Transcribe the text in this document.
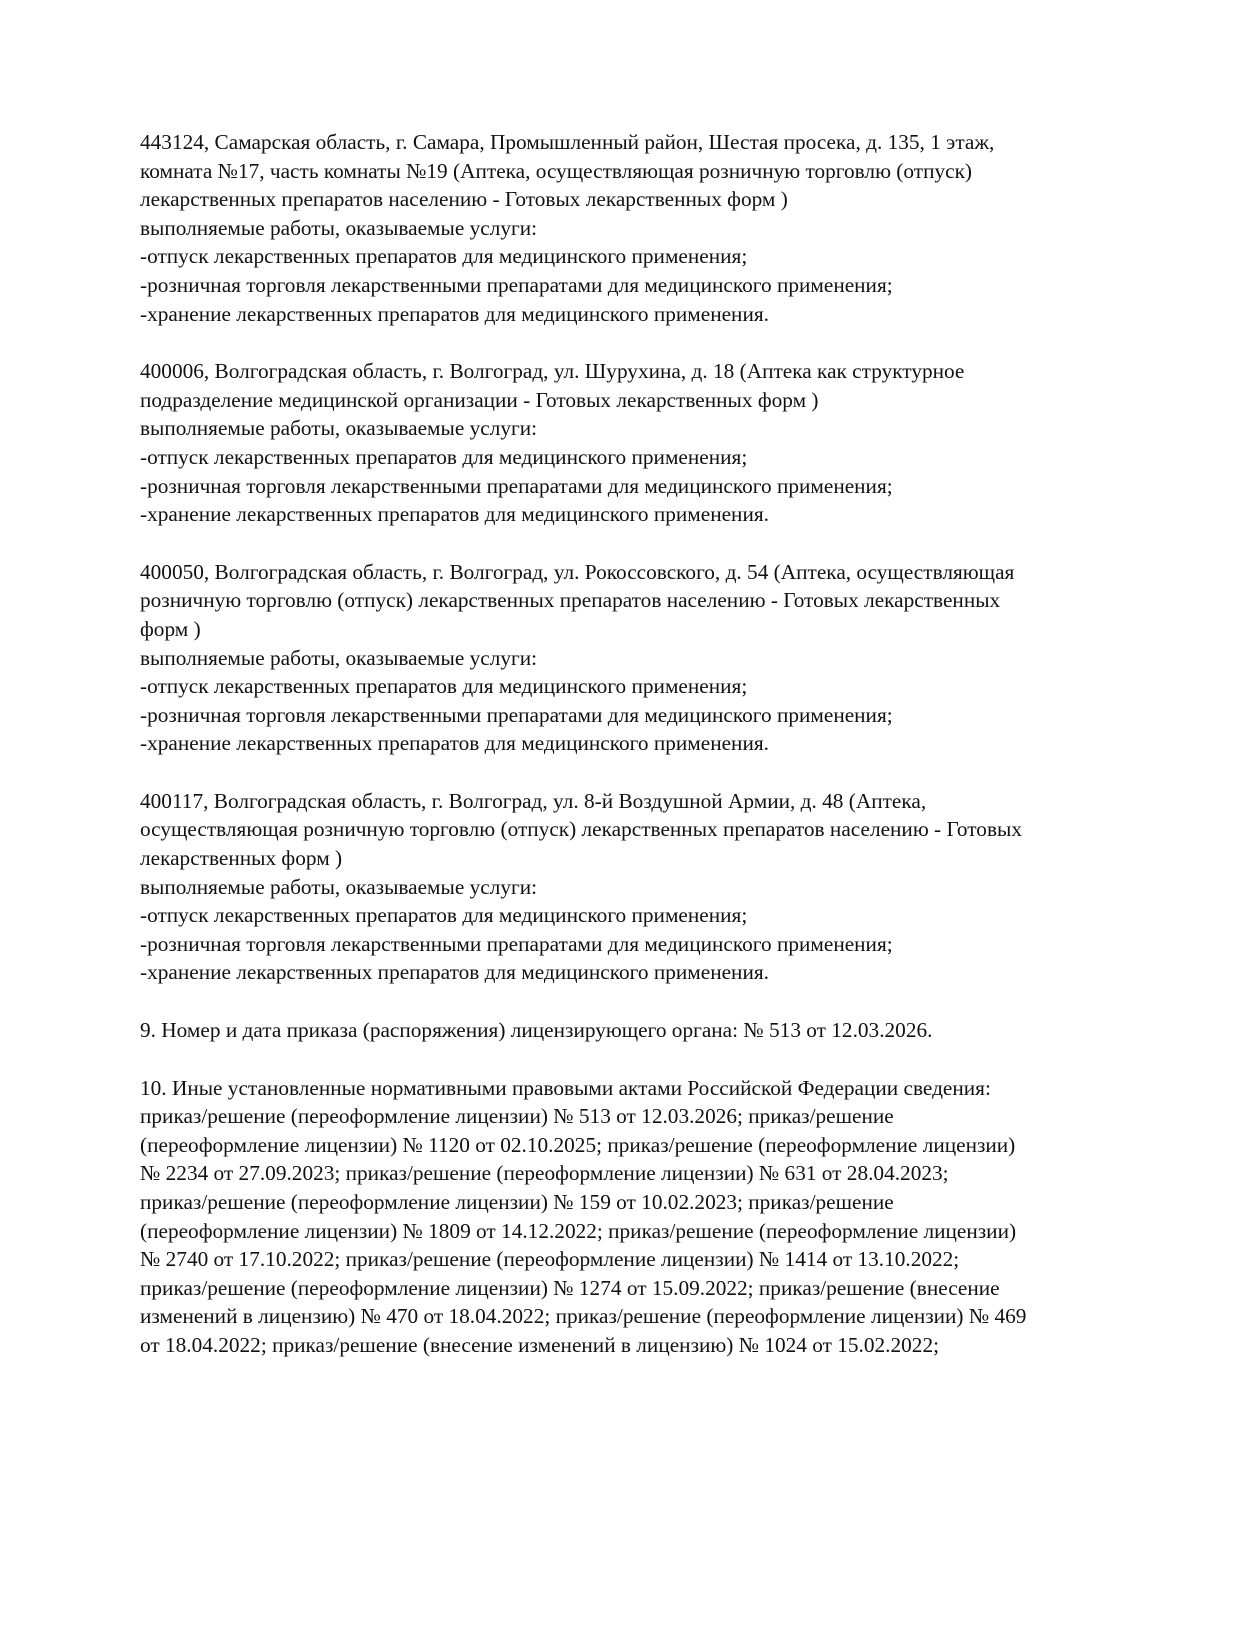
443124, Самарская область, г. Самара, Промышленный район, Шестая просека, д. 135, 1 этаж,
комната №17, часть комнаты №19 (Аптека, осуществляющая розничную торговлю (отпуск)
лекарственных препаратов населению - Готовых лекарственных форм )
выполняемые работы, оказываемые услуги:
-отпуск лекарственных препаратов для медицинского применения;
-розничная торговля лекарственными препаратами для медицинского применения;
-хранение лекарственных препаратов для медицинского применения.
400006, Волгоградская область, г. Волгоград, ул. Шурухина, д. 18 (Аптека как структурное
подразделение медицинской организации - Готовых лекарственных форм )
выполняемые работы, оказываемые услуги:
-отпуск лекарственных препаратов для медицинского применения;
-розничная торговля лекарственными препаратами для медицинского применения;
-хранение лекарственных препаратов для медицинского применения.
400050, Волгоградская область, г. Волгоград, ул. Рокоссовского, д. 54 (Аптека, осуществляющая
розничную торговлю (отпуск) лекарственных препаратов населению - Готовых лекарственных
форм )
выполняемые работы, оказываемые услуги:
-отпуск лекарственных препаратов для медицинского применения;
-розничная торговля лекарственными препаратами для медицинского применения;
-хранение лекарственных препаратов для медицинского применения.
400117, Волгоградская область, г. Волгоград, ул. 8-й Воздушной Армии, д. 48 (Аптека,
осуществляющая розничную торговлю (отпуск) лекарственных препаратов населению - Готовых
лекарственных форм )
выполняемые работы, оказываемые услуги:
-отпуск лекарственных препаратов для медицинского применения;
-розничная торговля лекарственными препаратами для медицинского применения;
-хранение лекарственных препаратов для медицинского применения.
9. Номер и дата приказа (распоряжения) лицензирующего органа: № 513 от 12.03.2026.
10. Иные установленные нормативными правовыми актами Российской Федерации сведения:
приказ/решение (переоформление лицензии) № 513 от 12.03.2026; приказ/решение
(переоформление лицензии) № 1120 от 02.10.2025; приказ/решение (переоформление лицензии)
№ 2234 от 27.09.2023; приказ/решение (переоформление лицензии) № 631 от 28.04.2023;
приказ/решение (переоформление лицензии) № 159 от 10.02.2023; приказ/решение
(переоформление лицензии) № 1809 от 14.12.2022; приказ/решение (переоформление лицензии)
№ 2740 от 17.10.2022; приказ/решение (переоформление лицензии) № 1414 от 13.10.2022;
приказ/решение (переоформление лицензии) № 1274 от 15.09.2022; приказ/решение (внесение
изменений в лицензию) № 470 от 18.04.2022; приказ/решение (переоформление лицензии) № 469
от 18.04.2022; приказ/решение (внесение изменений в лицензию) № 1024 от 15.02.2022;
